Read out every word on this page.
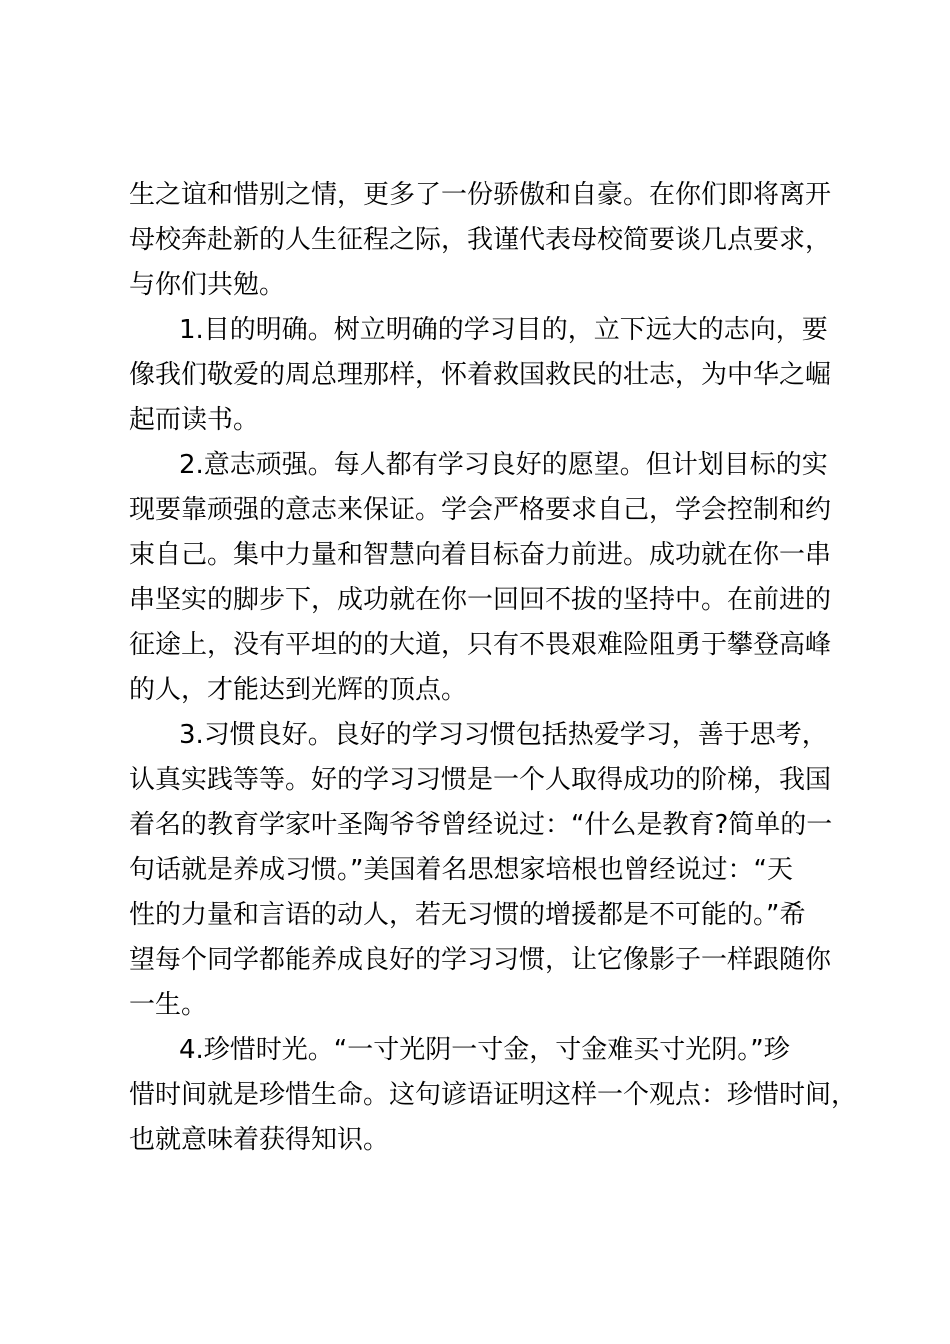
生之谊和惜别之情，更多了一份骄傲和自豪。在你们即将离开
母校奔赴新的人生征程之际，我谨代表母校简要谈几点要求，
与你们共勉。
1.目的明确。树立明确的学习目的，立下远大的志向，要
像我们敬爱的周总理那样，怀着救国救民的壮志，为中华之崛
起而读书。
2.意志顽强。每人都有学习良好的愿望。但计划目标的实
现要靠顽强的意志来保证。学会严格要求自己，学会控制和约
束自己。集中力量和智慧向着目标奋力前进。成功就在你一串
串坚实的脚步下，成功就在你一回回不拔的坚持中。在前进的
征途上，没有平坦的的大道，只有不畏艰难险阻勇于攀登高峰
的人，才能达到光辉的顶点。
3.习惯良好。良好的学习习惯包括热爱学习，善于思考，
认真实践等等。好的学习习惯是一个人取得成功的阶梯，我国
着名的教育学家叶圣陶爷爷曾经说过：“什么是教育?简单的一
句话就是养成习惯。”美国着名思想家培根也曾经说过：“天
性的力量和言语的动人，若无习惯的增援都是不可能的。”希
望每个同学都能养成良好的学习习惯，让它像影子一样跟随你
一生。
4.珍惜时光。“一寸光阴一寸金，寸金难买寸光阴。”珍
惜时间就是珍惜生命。这句谚语证明这样一个观点：珍惜时间，
也就意味着获得知识。
